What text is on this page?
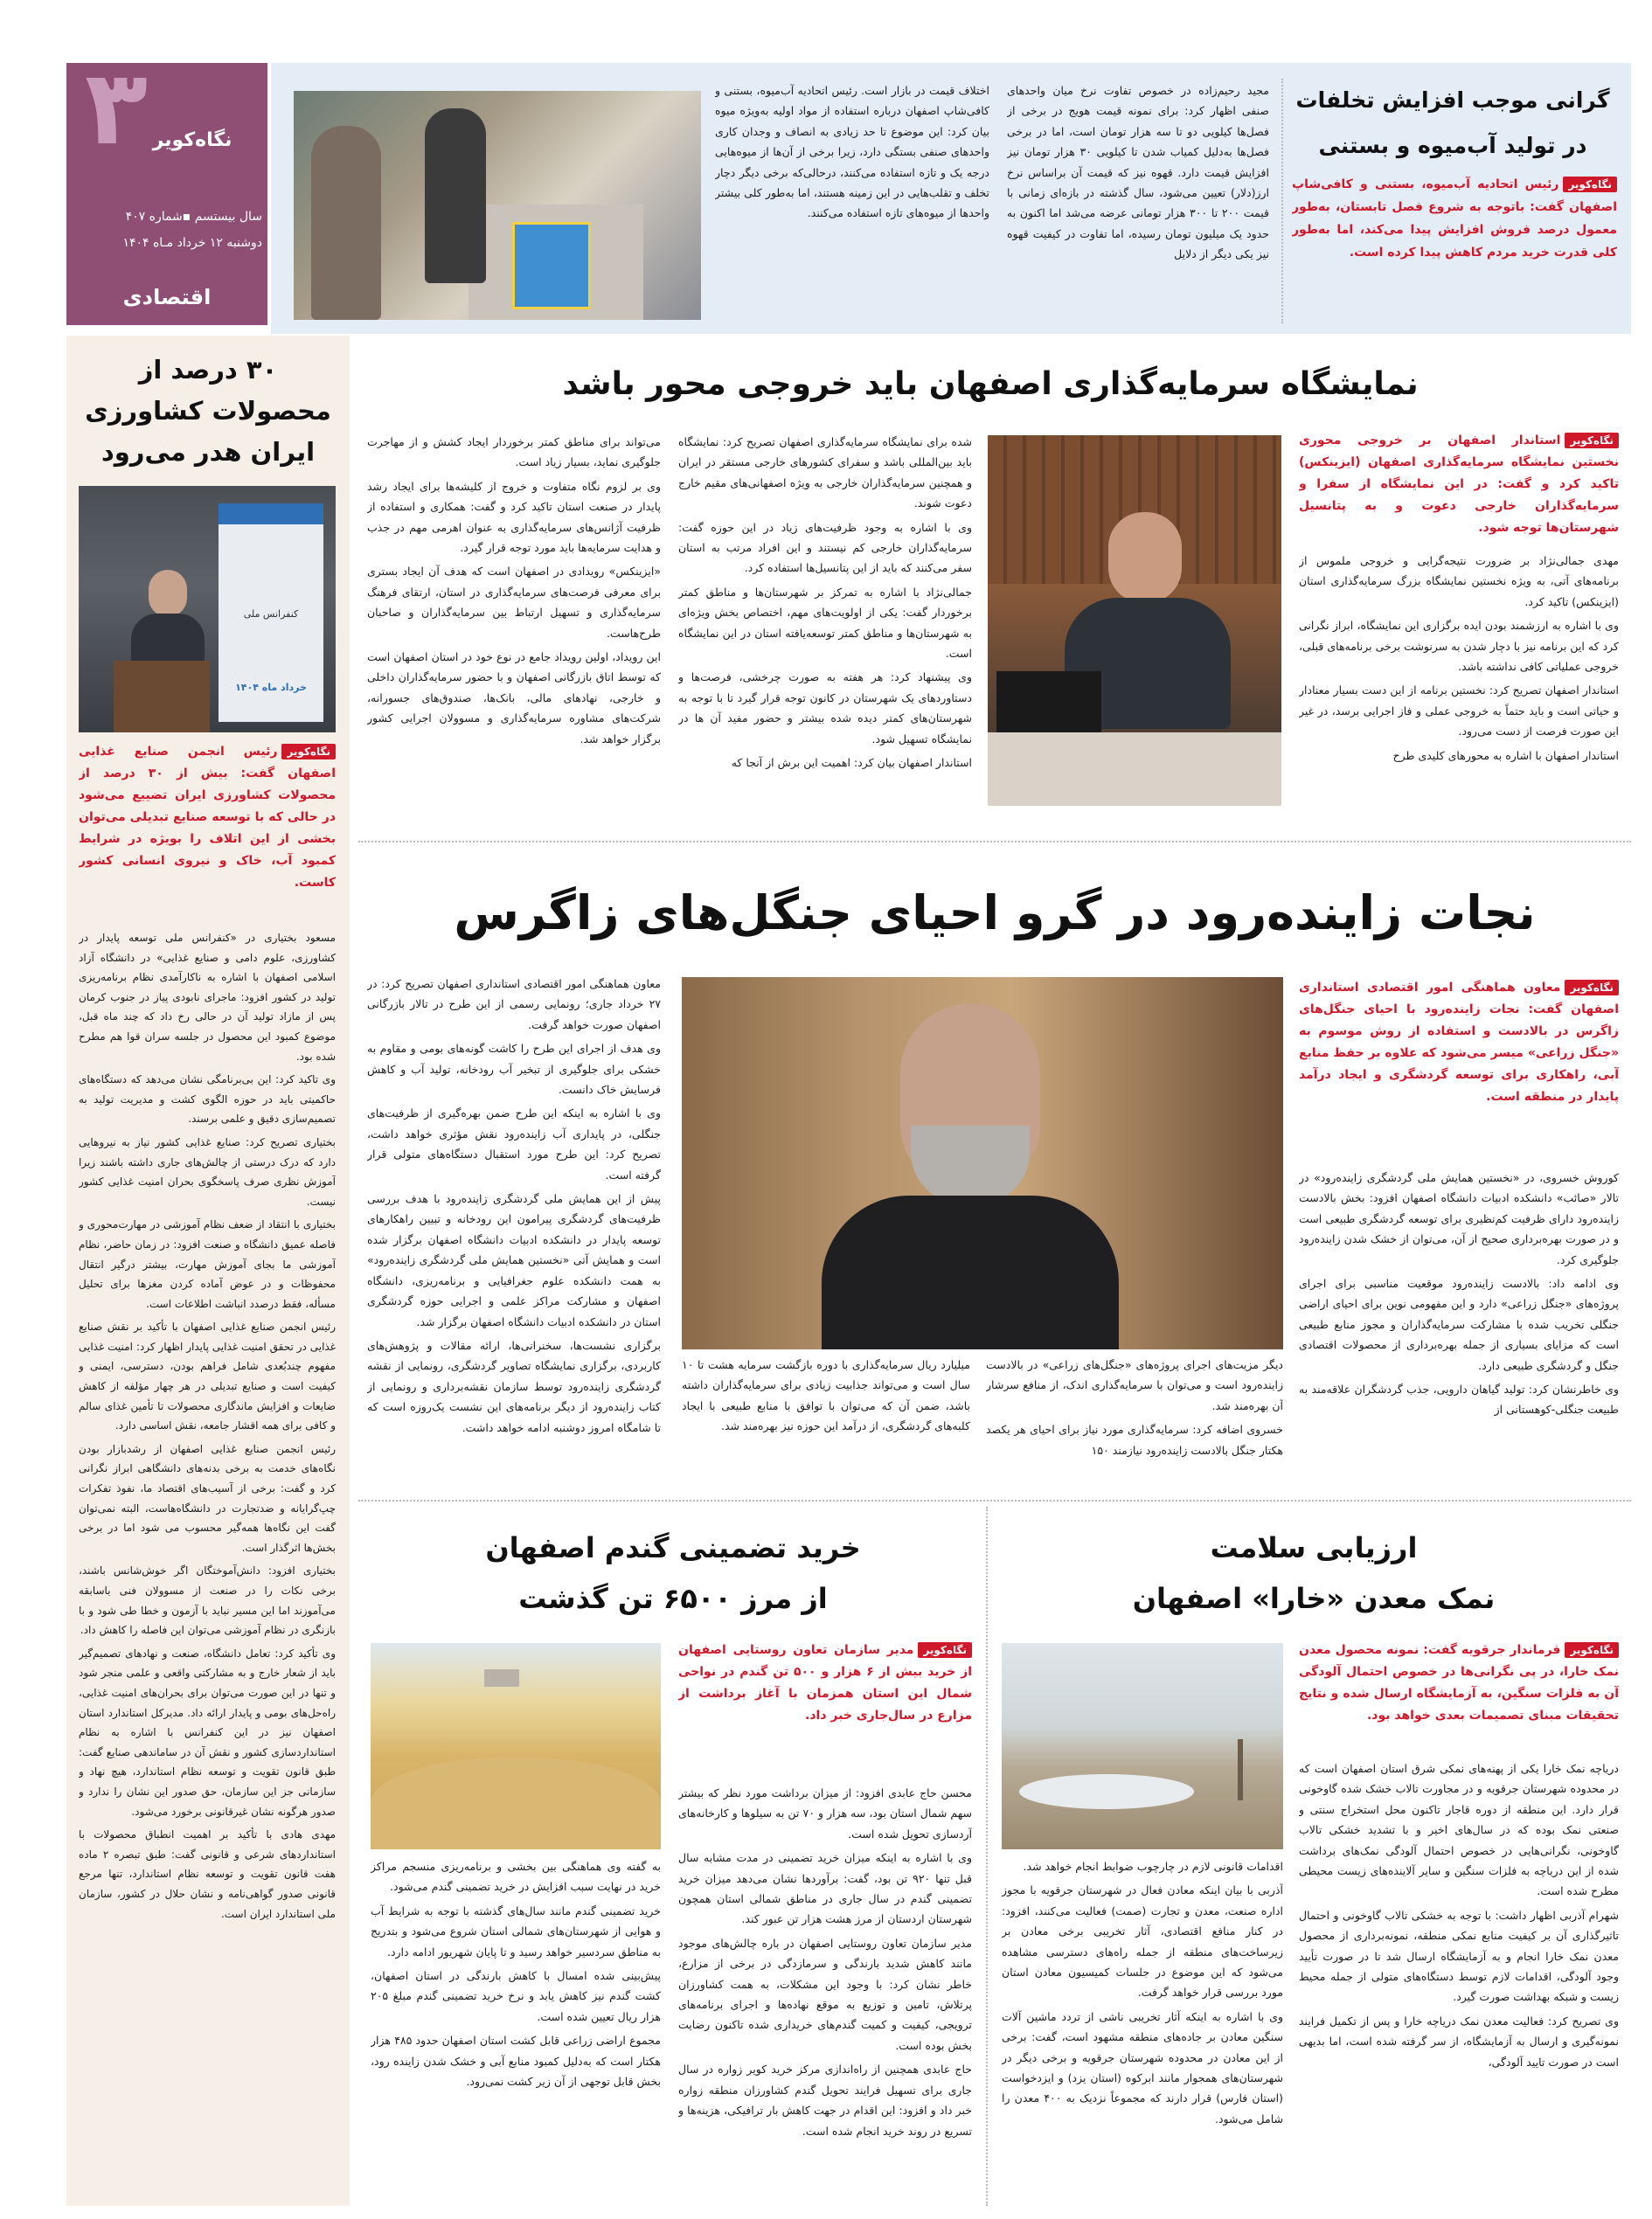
۳ نگاه‌کویر
سال بیستسم ▪شماره ۴۰۷
دوشنبه ۱۲ خرداد مـاه ۱۴۰۴
اقتصادی
گرانی موجب افزایش تخلفات
در تولید آب‌میوه و بستنی
نگاه‌کویررئیس اتحادیه آب‌میوه، بستنی و کافی‌شاپ اصفهان گفت: باتوجه به شروع فصل تابستان، به‌طور معمول درصد فروش افزایش پیدا می‌کند، اما به‌طور کلی قدرت خرید مردم کاهش پیدا کرده است.
مجید رحیم‌زاده در خصوص تفاوت نرخ میان واحدهای صنفی اظهار کرد: برای نمونه قیمت هویج در برخی از فصل‌ها کیلویی دو تا سه هزار تومان است، اما در برخی فصل‌ها به‌دلیل کمیاب شدن تا کیلویی ۳۰ هزار تومان نیز افزایش قیمت دارد. قهوه نیز که قیمت آن براساس نرخ ارز(دلار) تعیین می‌شود، سال گذشته در بازه‌ای زمانی با قیمت ۲۰۰ تا ۳۰۰ هزار تومانی عرضه می‌شد اما اکنون به حدود یک میلیون تومان رسیده، اما تفاوت در کیفیت قهوه نیز یکی دیگر از دلایل
اختلاف قیمت در بازار است. رئیس اتحادیه آب‌میوه، بستنی و کافی‌شاپ اصفهان درباره استفاده از مواد اولیه به‌ویژه میوه بیان کرد: این موضوع تا حد زیادی به انصاف و وجدان کاری واحدهای صنفی بستگی دارد، زیرا برخی از آن‌ها از میوه‌هایی درجه یک و تازه استفاده می‌کنند، درحالی‌که برخی دیگر دچار تخلف و تقلب‌هایی در این زمینه هستند، اما به‌طور کلی بیشتر واحدها از میوه‌های تازه استفاده می‌کنند.
نمایشگاه سرمایه‌گذاری اصفهان باید خروجی محور باشد
نگاه‌کویراستاندار اصفهان بر خروجی محوری نخستین نمایشگاه سرمایه‌گذاری اصفهان (ایزینکس) تاکید کرد و گفت: در این نمایشگاه از سفرا و سرمایه‌گذاران خارجی دعوت و به پتانسیل شهرستان‌ها توجه شود.

مهدی جمالی‌نژاد بر ضرورت نتیجه‌گرایی و خروجی ملموس از برنامه‌های آتی، به ویژه نخستین نمایشگاه بزرگ سرمایه‌گذاری استان (ایزینکس) تاکید کرد.

وی با اشاره به ارزشمند بودن ایده برگزاری این نمایشگاه، ابراز نگرانی کرد که این برنامه نیز با دچار شدن به سرنوشت برخی برنامه‌های قبلی، خروجی عملیاتی کافی نداشته باشد.

استاندار اصفهان تصریح کرد: نخستین برنامه از این دست بسیار معنادار و حیاتی است و باید حتماً به خروجی عملی و فاز اجرایی برسد، در غیر این صورت فرصت از دست می‌رود.

استاندار اصفهان با اشاره به محورهای کلیدی طرح

شده برای نمایشگاه سرمایه‌گذاری اصفهان تصریح کرد: نمایشگاه باید بین‌المللی باشد و سفرای کشورهای خارجی مستقر در ایران و همچنین سرمایه‌گذاران خارجی به ویژه اصفهانی‌های مقیم خارج دعوت شوند.

وی با اشاره به وجود ظرفیت‌های زیاد در این حوزه گفت: سرمایه‌گذاران خارجی کم نیستند و این افراد مرتب به استان سفر می‌کنند که باید از این پتانسیل‌ها استفاده کرد.

جمالی‌نژاد با اشاره به تمرکز بر شهرستان‌ها و مناطق کمتر برخوردار گفت: یکی از اولویت‌های مهم، اختصاص بخش ویژه‌ای به شهرستان‌ها و مناطق کمتر توسعه‌یافته استان در این نمایشگاه است.

وی پیشنهاد کرد: هر هفته به صورت چرخشی، فرصت‌ها و دستاوردهای یک شهرستان در کانون توجه قرار گیرد تا با توجه به شهرستان‌های کمتر دیده شده بیشتر و حضور مفید آن ها در نمایشگاه تسهیل شود.

استاندار اصفهان بیان کرد: اهمیت این برش از آنجا که

می‌تواند برای مناطق کمتر برخوردار ایجاد کشش و از مهاجرت جلوگیری نماید، بسیار زیاد است.

وی بر لزوم نگاه متفاوت و خروج از کلیشه‌ها برای ایجاد رشد پایدار در صنعت استان تاکید کرد و گفت: همکاری و استفاده از ظرفیت آژانس‌های سرمایه‌گذاری به عنوان اهرمی مهم در جذب و هدایت سرمایه‌ها باید مورد توجه قرار گیرد.

«ایزینکس» رویدادی در اصفهان است که هدف آن ایجاد بستری برای معرفی فرصت‌های سرمایه‌گذاری در استان، ارتقای فرهنگ سرمایه‌گذاری و تسهیل ارتباط بین سرمایه‌گذاران و صاحبان طرح‌هاست.

این رویداد، اولین رویداد جامع در نوع خود در استان اصفهان است که توسط اتاق بازرگانی اصفهان و با حضور سرمایه‌گذاران داخلی و خارجی، نهادهای مالی، بانک‌ها، صندوق‌های جسورانه، شرکت‌های مشاوره سرمایه‌گذاری و مسوولان اجرایی کشور برگزار خواهد شد.

نجات زاینده‌رود در گرو احیای جنگل‌های زاگرس
نگاه‌کویرمعاون هماهنگی امور اقتصادی استانداری اصفهان گفت: نجات زاینده‌رود با احیای جنگل‌های زاگرس در بالادست و استفاده از روش موسوم به «جنگل زراعی» میسر می‌شود که علاوه بر حفظ منابع آبی، راهکاری برای توسعه گردشگری و ایجاد درآمد پایدار در منطقه است.

کوروش خسروی، در «نخستین همایش ملی گردشگری زاینده‌رود» در تالار «صائب» دانشکده ادبیات دانشگاه اصفهان افزود: بخش بالادست زاینده‌رود دارای ظرفیت کم‌نظیری برای توسعه گردشگری طبیعی است و در صورت بهره‌برداری صحیح از آن، می‌توان از خشک شدن زاینده‌رود جلوگیری کرد.

وی ادامه داد: بالادست زاینده‌رود موقعیت مناسبی برای اجرای پروژه‌های «جنگل زراعی» دارد و این مفهومی نوین برای احیای اراضی جنگلی تخریب شده با مشارکت سرمایه‌گذاران و مجوز منابع طبیعی است که مزایای بسیاری از جمله بهره‌برداری از محصولات اقتصادی جنگل و گردشگری طبیعی دارد.

وی خاطرنشان کرد: تولید گیاهان دارویی، جذب گردشگران علاقه‌مند به طبیعت جنگلی-کوهستانی از

دیگر مزیت‌های اجرای پروژه‌های «جنگل‌های زراعی» در بالادست زاینده‌رود است و می‌توان با سرمایه‌گذاری اندک، از منافع سرشار آن بهره‌مند شد.

خسروی اضافه کرد: سرمایه‌گذاری مورد نیاز برای احیای هر یکصد هکتار جنگل بالادست زاینده‌رود نیازمند ۱۵۰

میلیارد ریال سرمایه‌گذاری با دوره بازگشت سرمایه هشت تا ۱۰ سال است و می‌تواند جذابیت زیادی برای سرمایه‌گذاران داشته باشد، ضمن آن که می‌توان با توافق با منابع طبیعی با ایجاد کلبه‌های گردشگری، از درآمد این حوزه نیز بهره‌مند شد.

معاون هماهنگی امور اقتصادی استانداری اصفهان تصریح کرد: در ۲۷ خرداد جاری؛ رونمایی رسمی از این طرح در تالار بازرگانی اصفهان صورت خواهد گرفت.

وی هدف از اجرای این طرح را کاشت گونه‌های بومی و مقاوم به خشکی برای جلوگیری از تبخیر آب رودخانه، تولید آب و کاهش فرسایش خاک دانست.

وی با اشاره به اینکه این طرح ضمن بهره‌گیری از ظرفیت‌های جنگلی، در پایداری آب زاینده‌رود نقش مؤثری خواهد داشت، تصریح کرد: این طرح مورد استقبال دستگاه‌های متولی قرار گرفته است.

پیش از این همایش ملی گردشگری زاینده‌رود با هدف بررسی ظرفیت‌های گردشگری پیرامون این رودخانه و تبیین راهکارهای توسعه پایدار در دانشکده ادبیات دانشگاه اصفهان برگزار شده است و همایش آتی «نخستین همایش ملی گردشگری زاینده‌رود» به همت دانشکده علوم جغرافیایی و برنامه‌ریزی، دانشگاه اصفهان و مشارکت مراکز علمی و اجرایی حوزه گردشگری استان در دانشکده ادبیات دانشگاه اصفهان برگزار شد.

برگزاری نشست‌ها، سخنرانی‌ها، ارائه مقالات و پژوهش‌های کاربردی، برگزاری نمایشگاه تصاویر گردشگری، رونمایی از نقشه گردشگری زاینده‌رود توسط سازمان نقشه‌برداری و رونمایی از کتاب زاینده‌رود از دیگر برنامه‌های این نشست یک‌روزه است که تا شامگاه امروز دوشنبه ادامه خواهد داشت.

ارزیابی سلامت
نمک معدن «خارا» اصفهان
نگاه‌کویرفرماندار جرقویه گفت: نمونه محصول معدن نمک خارا، در پی نگرانی‌ها در خصوص احتمال آلودگی آن به فلزات سنگین، به آزمایشگاه ارسال شده و نتایج تحقیقات مبنای تصمیمات بعدی خواهد بود.

دریاچه نمک خارا یکی از پهنه‌های نمکی شرق استان اصفهان است که در محدوده شهرستان جرقویه و در مجاورت تالاب خشک شده گاوخونی قرار دارد. این منطقه از دوره قاجار تاکنون محل استخراج سنتی و صنعتی نمک بوده که در سال‌های اخیر و با تشدید خشکی تالاب گاوخونی، نگرانی‌هایی در خصوص احتمال آلودگی نمک‌های برداشت شده از این دریاچه به فلزات سنگین و سایر آلاینده‌های زیست محیطی مطرح شده است.

شهرام آذربی اظهار داشت: با توجه به خشکی تالاب گاوخونی و احتمال تاثیرگذاری آن بر کیفیت منابع نمکی منطقه، نمونه‌برداری از محصول معدن نمک خارا انجام و به آزمایشگاه ارسال شد تا در صورت تأیید وجود آلودگی، اقدامات لازم توسط دستگاه‌های متولی از جمله محیط زیست و شبکه بهداشت صورت گیرد.

وی تصریح کرد: فعالیت معدن نمک دریاچه خارا و پس از تکمیل فرایند نمونه‌گیری و ارسال به آزمایشگاه، از سر گرفته شده است، اما بدیهی است در صورت تایید آلودگی،

اقدامات قانونی لازم در چارچوب ضوابط انجام خواهد شد.

آذربی با بیان اینکه معادن فعال در شهرستان جرقویه با مجوز اداره صنعت، معدن و تجارت (صمت) فعالیت می‌کنند، افزود: در کنار منافع اقتصادی، آثار تخریبی برخی معادن بر زیرساخت‌های منطقه از جمله راه‌های دسترسی مشاهده می‌شود که این موضوع در جلسات کمیسیون معادن استان مورد بررسی قرار خواهد گرفت.

وی با اشاره به اینکه آثار تخریبی ناشی از تردد ماشین آلات سنگین معادن بر جاده‌های منطقه مشهود است، گفت: برخی از این معادن در محدوده شهرستان جرقویه و برخی دیگر در شهرستان‌های همجوار مانند ابرکوه (استان یزد) و ایزدخواست (استان فارس) قرار دارند که مجموعاً نزدیک به ۴۰۰ معدن را شامل می‌شود.

خرید تضمینی گندم اصفهان
از مرز ۶۵۰۰ تن گذشت
نگاه‌کویرمدیر سازمان تعاون روستایی اصفهان از خرید بیش از ۶ هزار و ۵۰۰ تن گندم در نواحی شمال این استان همزمان با آغاز برداشت از مزارع در سال‌جاری خبر داد.

محسن حاج عابدی افزود: از میزان برداشت مورد نظر که بیشتر سهم شمال استان بود، سه هزار و ۷۰ تن به سیلوها و کارخانه‌های آردسازی تحویل شده است.

وی با اشاره به اینکه میزان خرید تضمینی در مدت مشابه سال قبل تنها ۹۲۰ تن بود، گفت: برآوردها نشان می‌دهد میزان خرید تضمینی گندم در سال جاری در مناطق شمالی استان همچون شهرستان اردستان از مرز هشت هزار تن عبور کند.

مدیر سازمان تعاون روستایی اصفهان در باره چالش‌های موجود مانند کاهش شدید بارندگی و سرمازدگی در برخی از مزارع، خاطر نشان کرد: با وجود این مشکلات، به همت کشاورزان پرتلاش، تامین و توزیع به موقع نهاده‌ها و اجرای برنامه‌های ترویجی، کیفیت و کمیت گندم‌های خریداری شده تاکنون رضایت بخش بوده است.

حاج عابدی همچنین از راه‌اندازی مرکز خرید کویر زواره در سال جاری برای تسهیل فرایند تحویل گندم کشاورزان منطقه زواره خبر داد و افزود: این اقدام در جهت کاهش بار ترافیکی، هزینه‌ها و تسریع در روند خرید انجام شده است.

به گفته وی هماهنگی بین بخشی و برنامه‌ریزی منسجم مراکز خرید در نهایت سبب افزایش در خرید تضمینی گندم می‌شود.

خرید تضمینی گندم مانند سال‌های گذشته با توجه به شرایط آب و هوایی از شهرستان‌های شمالی استان شروع می‌شود و بتدریج به مناطق سردسیر خواهد رسید و تا پایان شهریور ادامه دارد.

پیش‌بینی شده امسال با کاهش بارندگی در استان اصفهان، کشت گندم نیز کاهش یابد و نرخ خرید تضمینی گندم مبلغ ۲۰۵ هزار ریال تعیین شده است.

مجموع اراضی زراعی قابل کشت استان اصفهان حدود ۴۸۵ هزار هکتار است که به‌دلیل کمبود منابع آبی و خشک شدن زاینده رود، بخش قابل توجهی از آن زیر کشت نمی‌رود.

۳۰ درصد از محصولات کشاورزی ایران هدر می‌رود
کنفرانس ملی
خرداد ماه ۱۴۰۴
نگاه‌کویررئیس انجمن صنایع غذایی اصفهان گفت: بیش از ۳۰ درصد از محصولات کشاورزی ایران تضییع می‌شود در حالی که با توسعه صنایع تبدیلی می‌توان بخشی از این اتلاف را بویژه در شرایط کمبود آب، خاک و نیروی انسانی کشور کاست.

مسعود بختیاری در «کنفرانس ملی توسعه پایدار در کشاورزی، علوم دامی و صنایع غذایی» در دانشگاه آزاد اسلامی اصفهان با اشاره به ناکارآمدی نظام برنامه‌ریزی تولید در کشور افزود: ماجرای نابودی پیاز در جنوب کرمان پس از مازاد تولید آن در حالی رخ داد که چند ماه قبل، موضوع کمبود این محصول در جلسه سران قوا هم مطرح شده بود.

وی تاکید کرد: این بی‌برنامگی نشان می‌دهد که دستگاه‌های حاکمیتی باید در حوزه الگوی کشت و مدیریت تولید به تصمیم‌سازی دقیق و علمی برسند.

بختیاری تصریح کرد: صنایع غذایی کشور نیاز به نیروهایی دارد که درک درستی از چالش‌های جاری داشته باشند زیرا آموزش نظری صرف پاسخگوی بحران امنیت غذایی کشور نیست.

بختیاری با انتقاد از ضعف نظام آموزشی در مهارت‌محوری و فاصله عمیق دانشگاه و صنعت افزود: در زمان حاضر، نظام آموزشی ما بجای آموزش مهارت، بیشتر درگیر انتقال محفوظات و در عوض آماده کردن مغزها برای تحلیل مسأله، فقط درصدد انباشت اطلاعات است.

رئیس انجمن صنایع غذایی اصفهان با تأکید بر نقش صنایع غذایی در تحقق امنیت غذایی پایدار اظهار کرد: امنیت غذایی مفهوم چندبُعدی شامل فراهم بودن، دسترسی، ایمنی و کیفیت است و صنایع تبدیلی در هر چهار مؤلفه از کاهش ضایعات و افزایش ماندگاری محصولات تا تأمین غذای سالم و کافی برای همه اقشار جامعه، نقش اساسی دارد.

رئیس انجمن صنایع غذایی اصفهان از رشدبازار بودن نگاه‌های خدمت به برخی بدنه‌های دانشگاهی ابراز نگرانی کرد و گفت: برخی از آسیب‌های اقتصاد ما، نفوذ تفکرات چپ‌گرایانه و ضدتجارت در دانشگاه‌هاست، البته نمی‌توان گفت این نگاه‌ها همه‌گیر محسوب می شود اما در برخی بخش‌ها اثرگذار است.

بختیاری افزود: دانش‌آموختگان اگر خوش‌شانس باشند، برخی نکات را در صنعت از مسوولان فنی باسابقه می‌آموزند اما این مسیر نباید با آزمون و خطا طی شود و با بازنگری در نظام آموزشی می‌توان این فاصله را کاهش داد.

وی تأکید کرد: تعامل دانشگاه، صنعت و نهادهای تصمیم‌گیر باید از شعار خارج و به مشارکتی واقعی و علمی منجر شود و تنها در این صورت می‌توان برای بحران‌های امنیت غذایی، راه‌حل‌های بومی و پایدار ارائه داد. مدیرکل استاندارد استان اصفهان نیز در این کنفرانس با اشاره به نظام استانداردسازی کشور و نقش آن در ساماندهی صنایع گفت: طبق قانون تقویت و توسعه نظام استاندارد، هیچ نهاد و سازمانی جز این سازمان، حق صدور این نشان را ندارد و صدور هرگونه نشان غیرقانونی برخورد می‌شود.

مهدی هادی با تأکید بر اهمیت انطباق محصولات با استانداردهای شرعی و قانونی گفت: طبق تبصره ۲ ماده هفت قانون تقویت و توسعه نظام استاندارد، تنها مرجع قانونی صدور گواهی‌نامه و نشان حلال در کشور، سازمان ملی استاندارد ایران است.
